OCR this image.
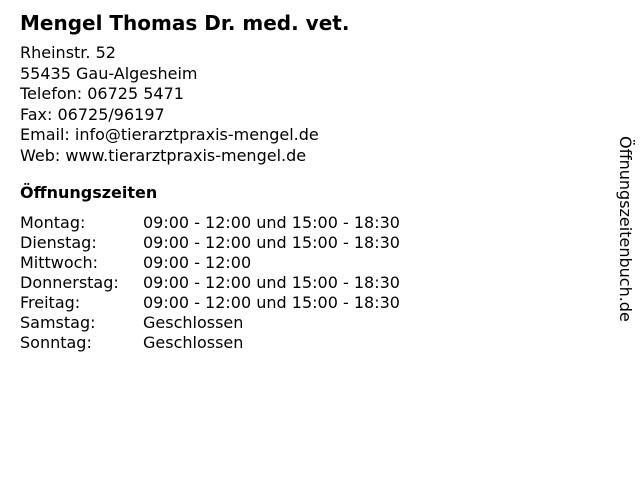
Mengel Thomas Dr. med. vet.
Rheinstr. 52
55435 Gau-Algesheim
Telefon: 06725 5471
Fax: 06725/96197
Email: info@tierarztpraxis-mengel.de
Web: www.tierarztpraxis-mengel.de
Öffnungszeiten
Montag:	09:00 - 12:00 und 15:00 - 18:30
Dienstag:	09:00 - 12:00 und 15:00 - 18:30
Mittwoch:	09:00 - 12:00
Donnerstag:	09:00 - 12:00 und 15:00 - 18:30
Freitag:	09:00 - 12:00 und 15:00 - 18:30
Samstag:	Geschlossen
Sonntag:	Geschlossen
Öffnungszeitenbuch.de
